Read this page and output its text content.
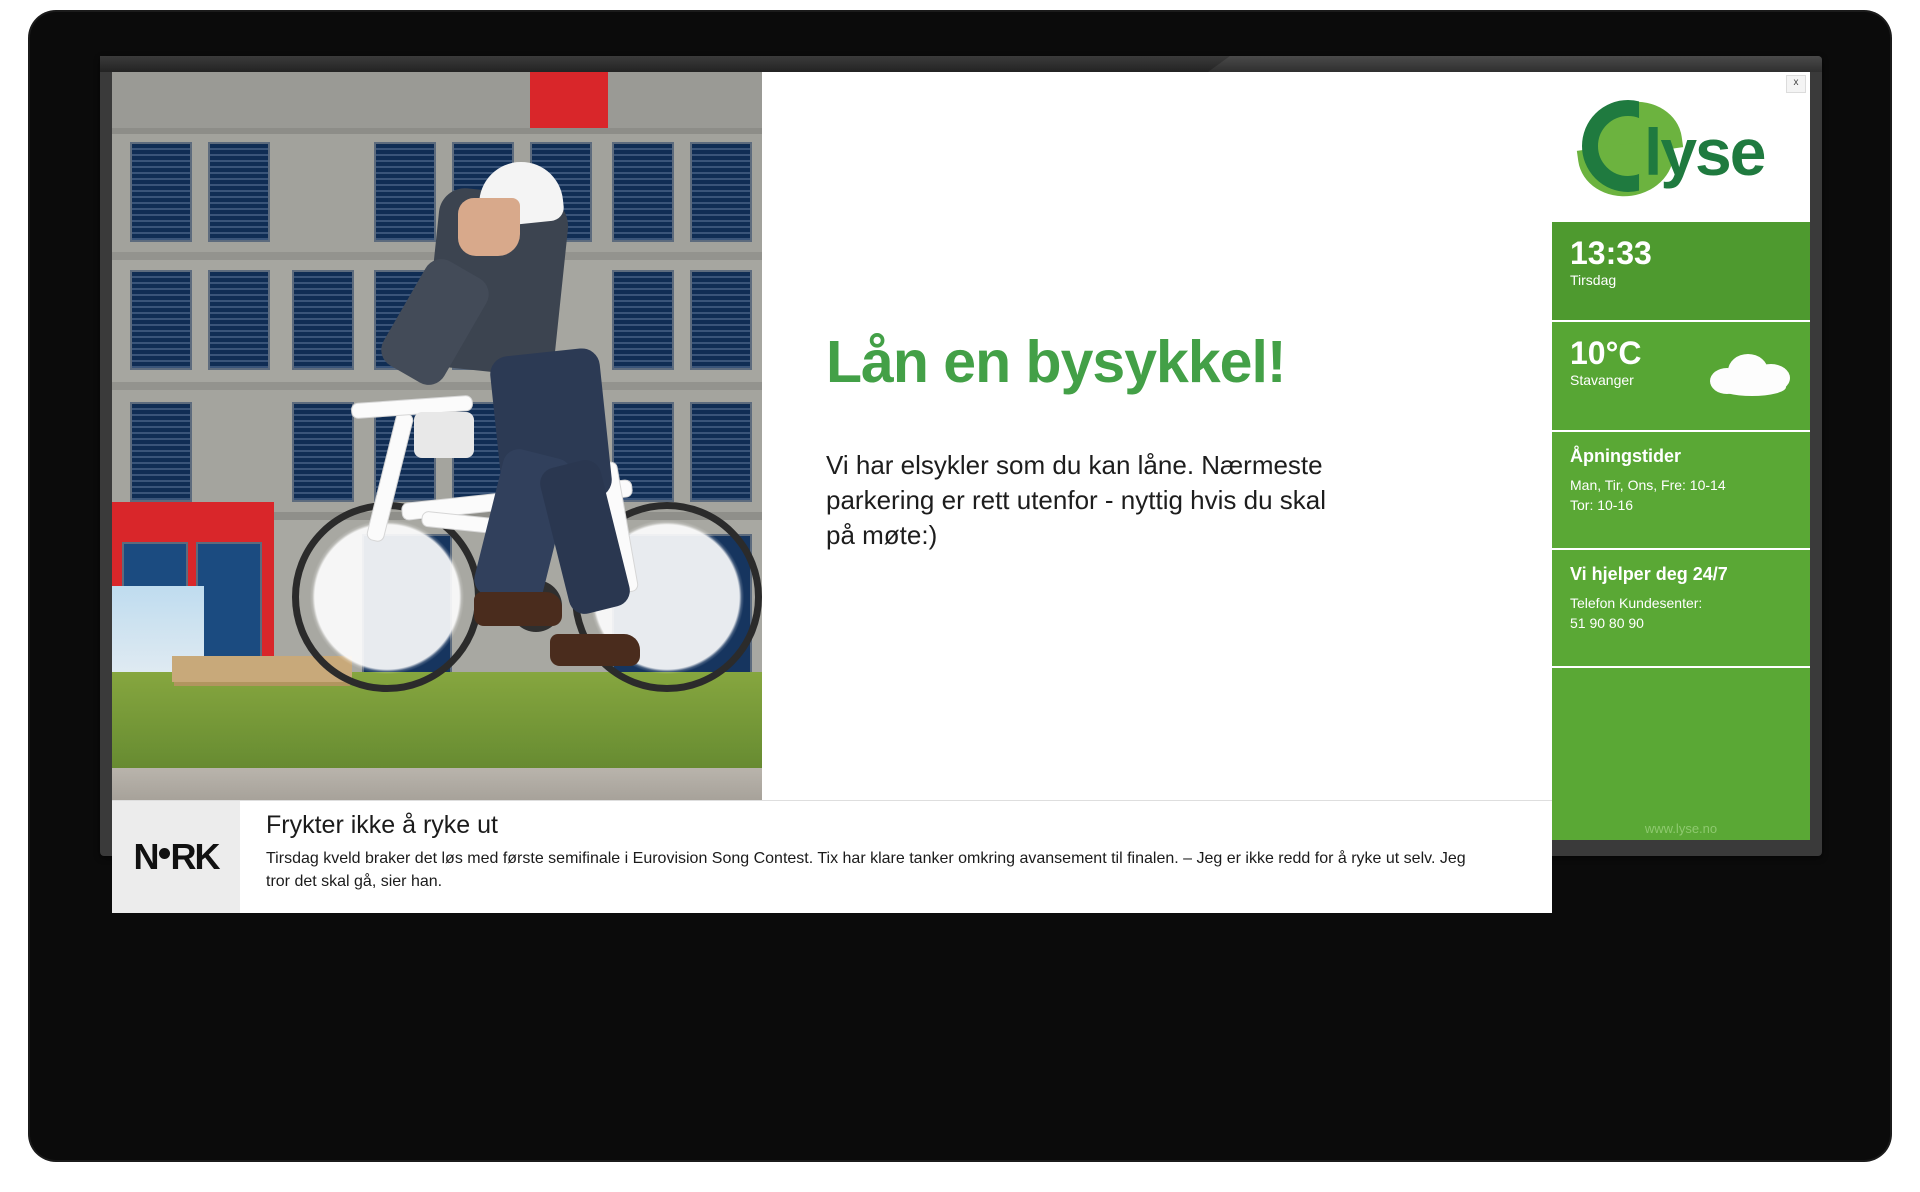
x
Lån en bysykkel!
Vi har elsykler som du kan låne. Nærmeste parkering er rett utenfor - nyttig hvis du skal på møte:)
lyse
13:33
Tirsdag
10°C
Stavanger
Åpningstider
Man, Tir, Ons, Fre: 10-14
Tor: 10-16
Vi hjelper deg 24/7
Telefon Kundesenter:
51 90 80 90
www.lyse.no
N RK
Frykter ikke å ryke ut
Tirsdag kveld braker det løs med første semifinale i Eurovision Song Contest. Tix har klare tanker omkring avansement til finalen. – Jeg er ikke redd for å ryke ut selv. Jeg tror det skal gå, sier han.
